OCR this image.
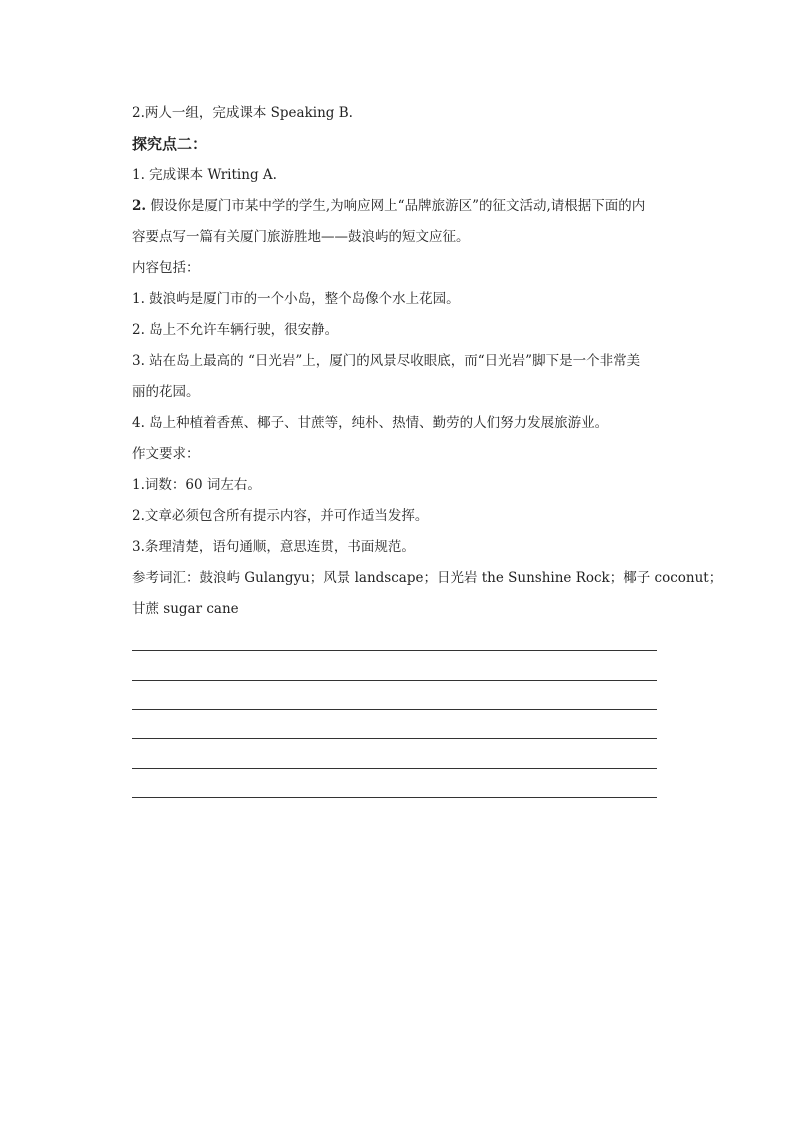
2.两人一组，完成课本 Speaking B.

探究点二：

1. 完成课本 Writing A.

2. 假设你是厦门市某中学的学生,为响应网上“品牌旅游区”的征文活动,请根据下面的内

容要点写一篇有关厦门旅游胜地——鼓浪屿的短文应征。

内容包括：

1. 鼓浪屿是厦门市的一个小岛，整个岛像个水上花园。

2. 岛上不允许车辆行驶，很安静。

3. 站在岛上最高的 “日光岩”上，厦门的风景尽收眼底，而“日光岩”脚下是一个非常美

丽的花园。

4. 岛上种植着香蕉、椰子、甘蔗等，纯朴、热情、勤劳的人们努力发展旅游业。

作文要求：

1.词数：60 词左右。

2.文章必须包含所有提示内容，并可作适当发挥。

3.条理清楚，语句通顺，意思连贯，书面规范。

参考词汇：鼓浪屿 Gulangyu；风景 landscape；日光岩 the Sunshine Rock；椰子 coconut；

甘蔗 sugar cane
